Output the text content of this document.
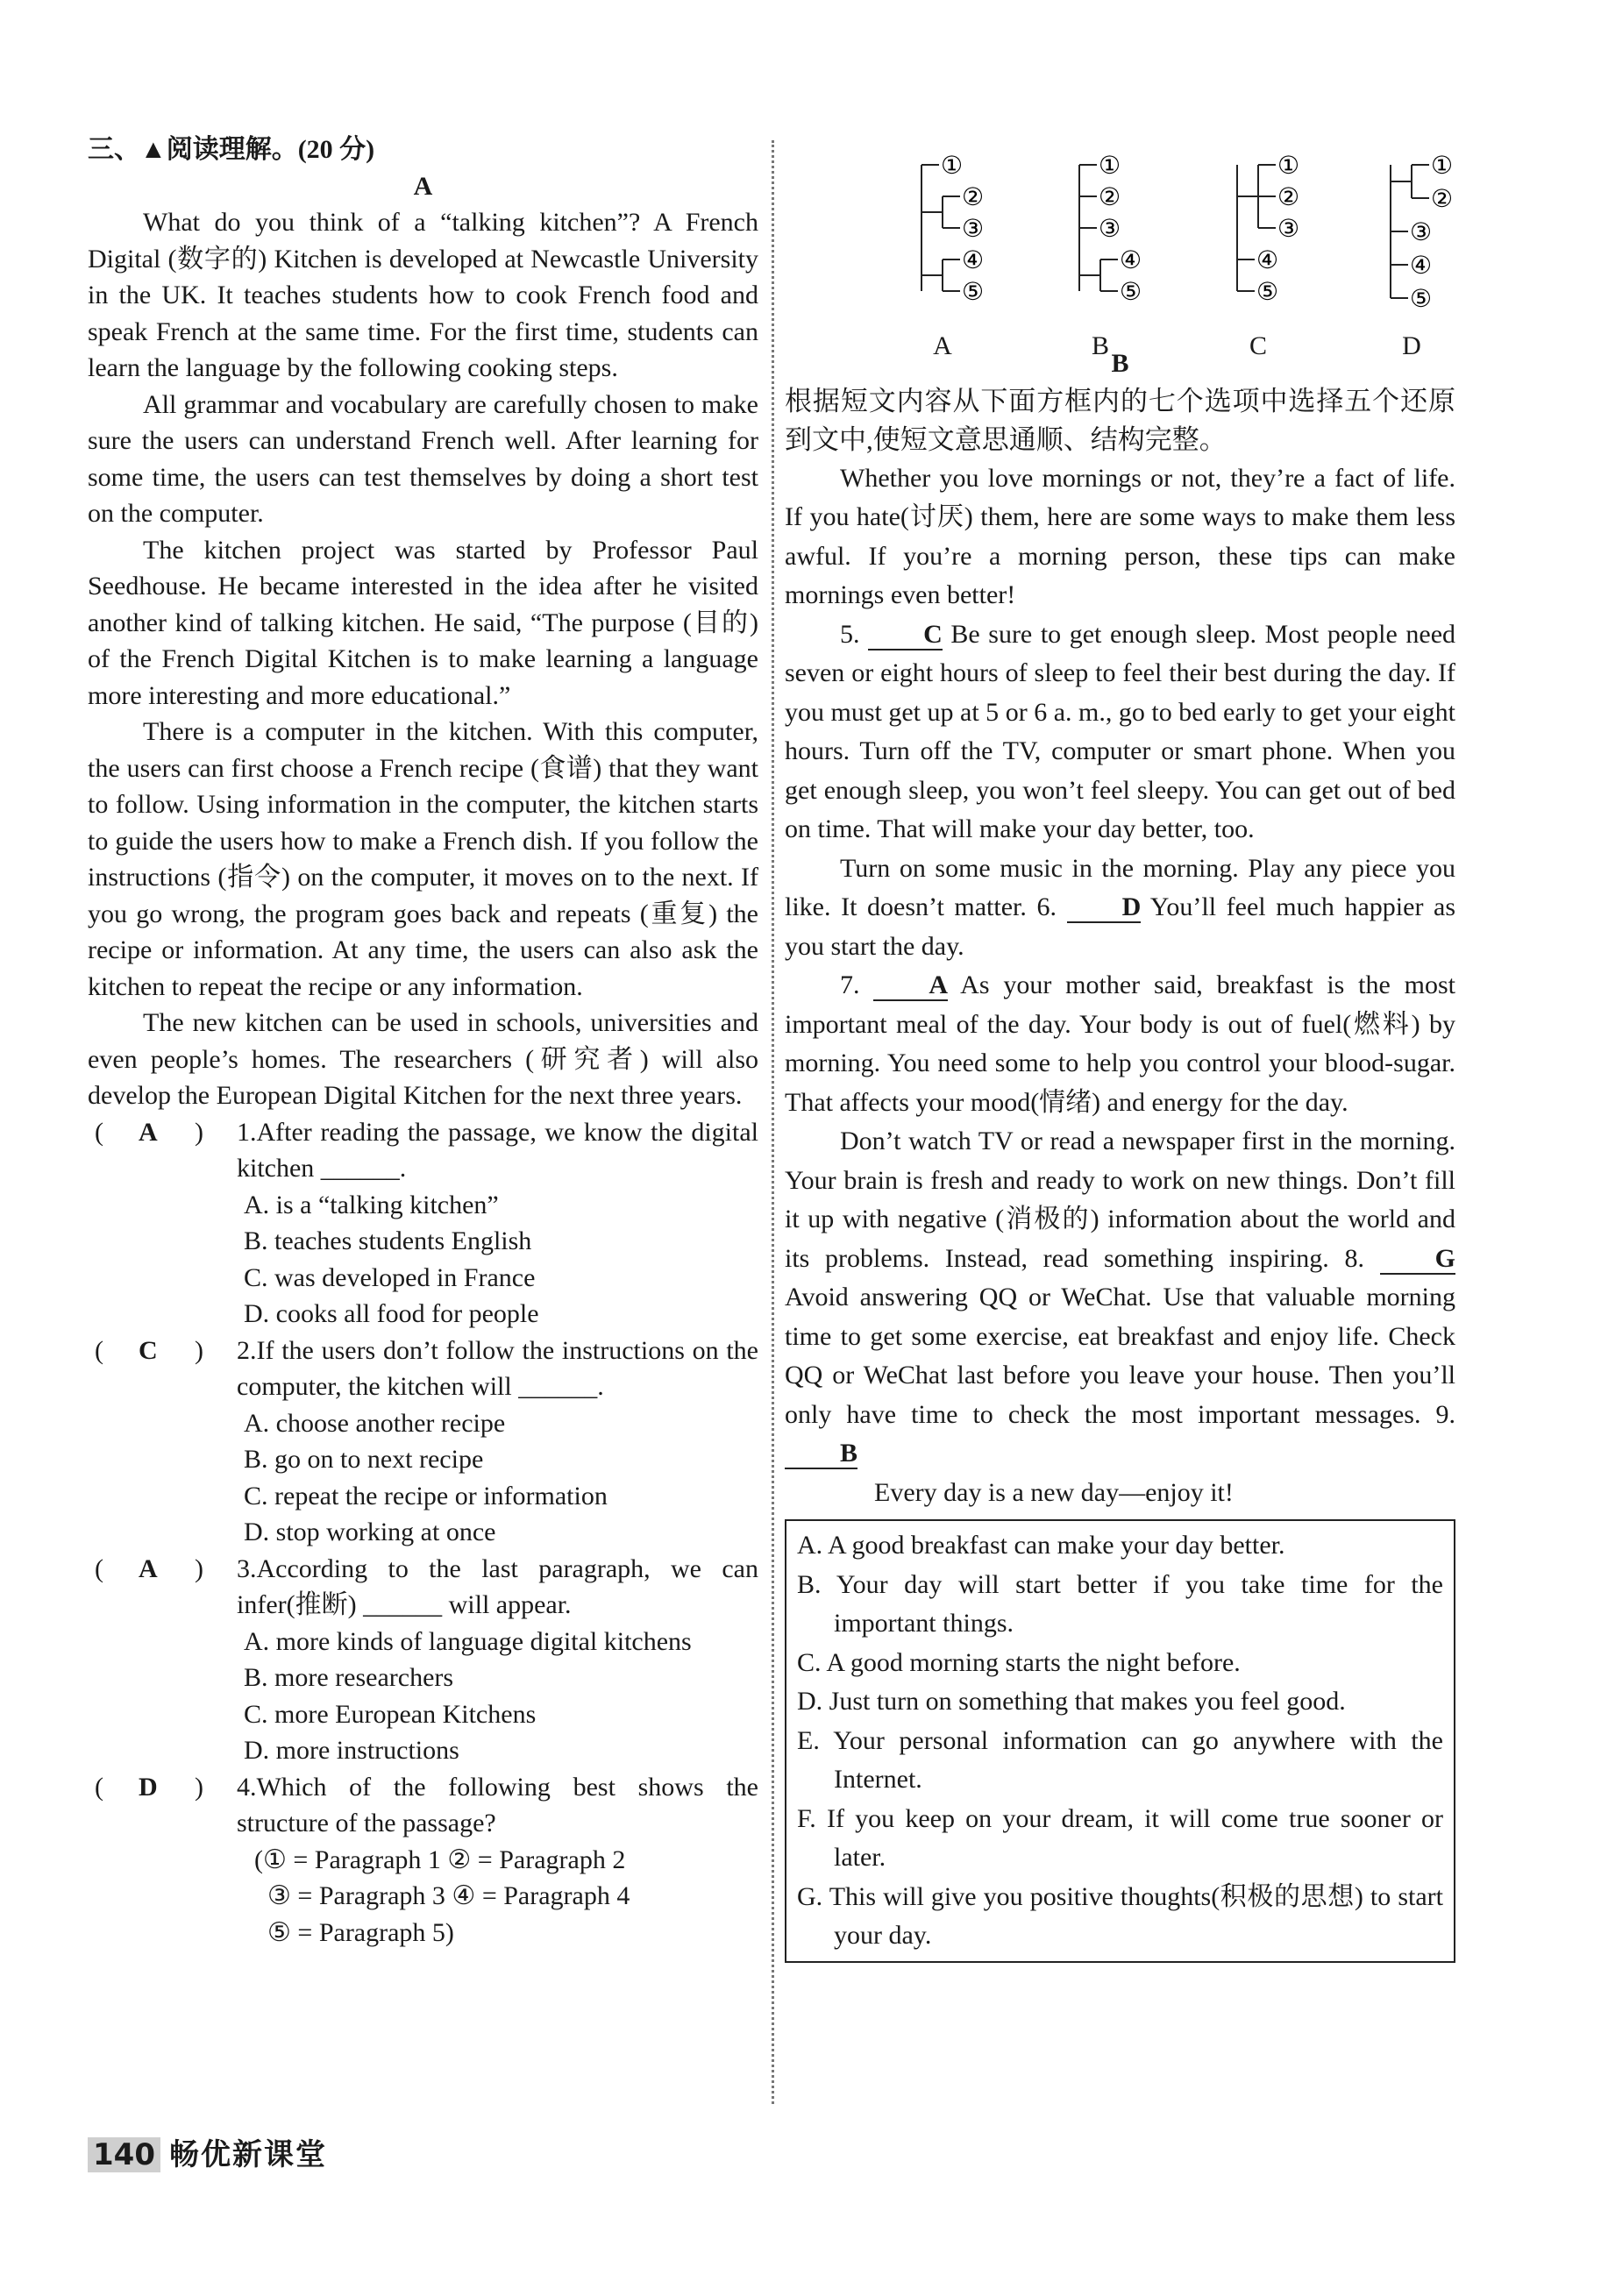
三、▲阅读理解。(20 分)

A

What do you think of a “talking kitchen”? A French Digital (数字的) Kitchen is developed at Newcastle University in the UK. It teaches students how to cook French food and speak French at the same time. For the first time, students can learn the language by the following cooking steps.

All grammar and vocabulary are carefully chosen to make sure the users can understand French well. After learning for some time, the users can test themselves by doing a short test on the computer.

The kitchen project was started by Professor Paul Seedhouse. He became interested in the idea after he visited another kind of talking kitchen. He said, “The purpose (目的) of the French Digital Kitchen is to make learning a language more interesting and more educational.”

There is a computer in the kitchen. With this computer, the users can first choose a French recipe (食谱) that they want to follow. Using information in the computer, the kitchen starts to guide the users how to make a French dish. If you follow the instructions (指令) on the computer, it moves on to the next. If you go wrong, the program goes back and repeats (重复) the recipe or information. At any time, the users can also ask the kitchen to repeat the recipe or any information.

The new kitchen can be used in schools, universities and even people’s homes. The researchers (研究者) will also develop the European Digital Kitchen for the next three years.

( A ) 1.After reading the passage, we know the digital kitchen ______.

A. is a “talking kitchen”

B. teaches students English

C. was developed in France

D. cooks all food for people

( C ) 2.If the users don’t follow the instructions on the computer, the kitchen will ______.

A. choose another recipe

B. go on to next recipe

C. repeat the recipe or information

D. stop working at once

( A ) 3.According to the last paragraph, we can infer(推断) ______ will appear.

A. more kinds of language digital kitchens

B. more researchers

C. more European Kitchens

D. more instructions

( D ) 4.Which of the following best shows the structure of the passage?

(① = Paragraph 1 ② = Paragraph 2

③ = Paragraph 3 ④ = Paragraph 4

⑤ = Paragraph 5)

①
②
③
④
⑤
A
①
②
③
④
⑤
B
①
②
③
④
⑤
C
①
②
③
④
⑤
D

B

根据短文内容从下面方框内的七个选项中选择五个还原到文中,使短文意思通顺、结构完整。

Whether you love mornings or not, they’re a fact of life. If you hate(讨厌) them, here are some ways to make them less awful. If you’re a morning person, these tips can make mornings even better!

5. C Be sure to get enough sleep. Most people need seven or eight hours of sleep to feel their best during the day. If you must get up at 5 or 6 a. m., go to bed early to get your eight hours. Turn off the TV, computer or smart phone. When you get enough sleep, you won’t feel sleepy. You can get out of bed on time. That will make your day better, too.

Turn on some music in the morning. Play any piece you like. It doesn’t matter. 6. D You’ll feel much happier as you start the day.

7.	A As your mother said, breakfast is the most important meal of the day. Your body is out of fuel(燃料) by morning. You need some to help you control your blood-sugar. That affects your mood(情绪) and energy for the day.

Don’t watch TV or read a newspaper first in the morning. Your brain is fresh and ready to work on new things. Don’t fill it up with negative (消极的) information about the world and its problems. Instead, read something inspiring. 8.	G Avoid answering QQ or WeChat. Use that valuable morning time to get some exercise, eat breakfast and enjoy life. Check QQ or WeChat last before you leave your house. Then you’ll only have time to check the most important messages. 9. B

Every day is a new day—enjoy it!

A. A good breakfast can make your day better.

B. Your day will start better if you take time for the important things.

C. A good morning starts the night before.

D. Just turn on something that makes you feel good.

E. Your personal information can go anywhere with the Internet.

F. If you keep on your dream, it will come true sooner or later.

G. This will give you positive thoughts(积极的思想) to start your day.

140 畅优新课堂
